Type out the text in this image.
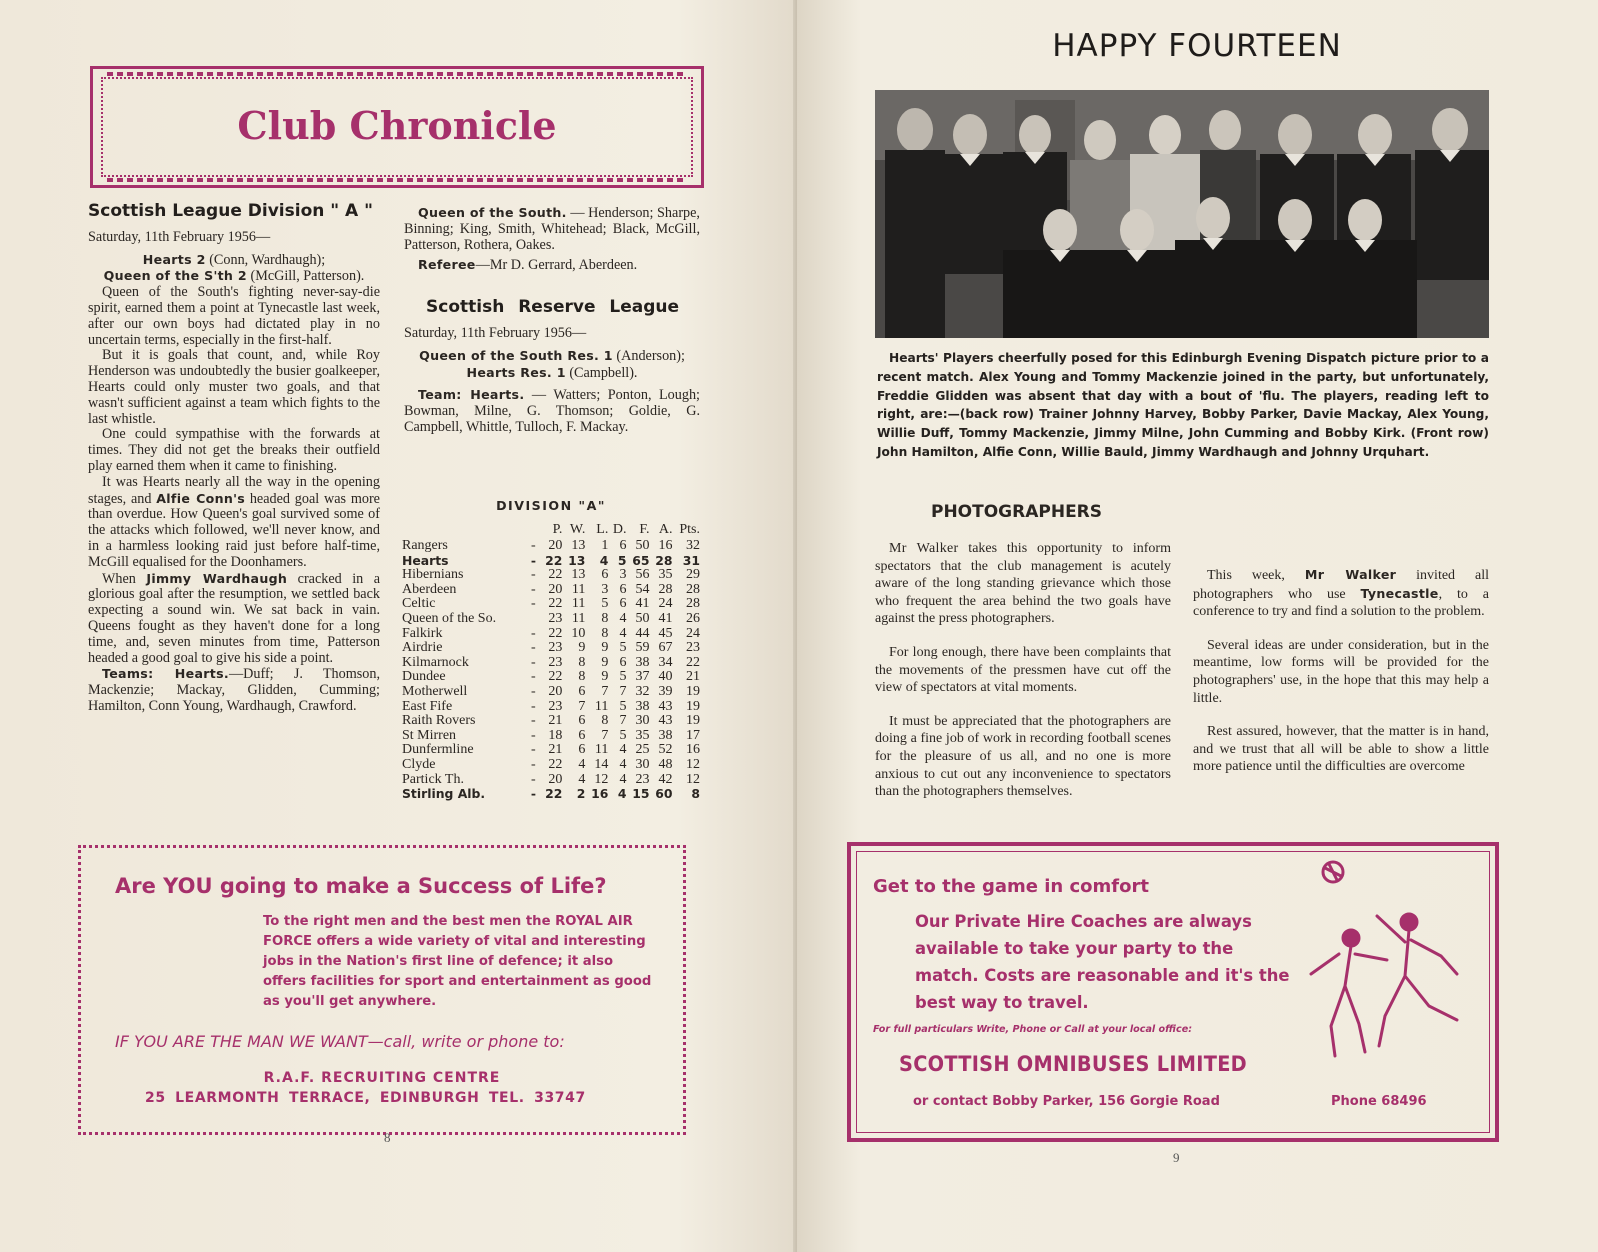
Club Chronicle
Scottish League Division " A "

Saturday, 11th February 1956—

Hearts 2 (Conn, Wardhaugh);

Queen of the S'th 2 (McGill, Patterson).

Queen of the South's fighting never-say-die spirit, earned them a point at Tynecastle last week, after our own boys had dictated play in no uncertain terms, especially in the first-half.

But it is goals that count, and, while Roy Henderson was undoubtedly the busier goalkeeper, Hearts could only muster two goals, and that wasn't sufficient against a team which fights to the last whistle.

One could sympathise with the forwards at times. They did not get the breaks their outfield play earned them when it came to finishing.

It was Hearts nearly all the way in the opening stages, and Alfie Conn's headed goal was more than overdue. How Queen's goal survived some of the attacks which followed, we'll never know, and in a harmless looking raid just before half-time, McGill equalised for the Doonhamers.

When Jimmy Wardhaugh cracked in a glorious goal after the resumption, we settled back expecting a sound win. We sat back in vain. Queens fought as they haven't done for a long time, and, seven minutes from time, Patterson headed a good goal to give his side a point.

Teams: Hearts.—Duff; J. Thomson, Mackenzie; Mackay, Glidden, Cumming; Hamilton, Conn Young, Wardhaugh, Crawford.

Queen of the South. — Henderson; Sharpe, Binning; King, Smith, Whitehead; Black, McGill, Patterson, Rothera, Oakes.

Referee—Mr D. Gerrard, Aberdeen.

Scottish Reserve League

Saturday, 11th February 1956—

Queen of the South Res. 1 (Anderson);

Hearts Res. 1 (Campbell).

Team: Hearts. — Watters; Ponton, Lough; Bowman, Milne, G. Thomson; Goldie, G. Campbell, Whittle, Tulloch, F. Mackay.

DIVISION "A"
		P.	W.	L.	D.	F.	A.	Pts.
Rangers	-	20	13	1	6	50	16	32
Hearts	-	22	13	4	5	65	28	31
Hibernians	-	22	13	6	3	56	35	29
Aberdeen	-	20	11	3	6	54	28	28
Celtic	-	22	11	5	6	41	24	28
Queen of the So.		23	11	8	4	50	41	26
Falkirk	-	22	10	8	4	44	45	24
Airdrie	-	23	9	9	5	59	67	23
Kilmarnock	-	23	8	9	6	38	34	22
Dundee	-	22	8	9	5	37	40	21
Motherwell	-	20	6	7	7	32	39	19
East Fife	-	23	7	11	5	38	43	19
Raith Rovers	-	21	6	8	7	30	43	19
St Mirren	-	18	6	7	5	35	38	17
Dunfermline	-	21	6	11	4	25	52	16
Clyde	-	22	4	14	4	30	48	12
Partick Th.	-	20	4	12	4	23	42	12
Stirling Alb.	-	22	2	16	4	15	60	8
Are YOU going to make a Success of Life?
To the right men and the best men the ROYAL AIR FORCE offers a wide variety of vital and interesting jobs in the Nation's first line of defence; it also offers facilities for sport and entertainment as good as you'll get anywhere.
IF YOU ARE THE MAN WE WANT—call, write or phone to:
R.A.F. RECRUITING CENTRE
25 LEARMONTH TERRACE, EDINBURGH TEL. 33747
8
HAPPY FOURTEEN

Hearts' Players cheerfully posed for this Edinburgh Evening Dispatch picture prior to a recent match. Alex Young and Tommy Mackenzie joined in the party, but unfortunately, Freddie Glidden was absent that day with a bout of 'flu. The players, reading left to right, are:—(back row) Trainer Johnny Harvey, Bobby Parker, Davie Mackay, Alex Young, Willie Duff, Tommy Mackenzie, Jimmy Milne, John Cumming and Bobby Kirk. (Front row) John Hamilton, Alfie Conn, Willie Bauld, Jimmy Wardhaugh and Johnny Urquhart.

PHOTOGRAPHERS

Mr Walker takes this opportunity to inform spectators that the club management is acutely aware of the long standing grievance which those who frequent the area behind the two goals have against the press photographers.

For long enough, there have been complaints that the movements of the pressmen have cut off the view of spectators at vital moments.

It must be appreciated that the photographers are doing a fine job of work in recording football scenes for the pleasure of us all, and no one is more anxious to cut out any inconvenience to spectators than the photographers themselves.

This week, Mr Walker invited all photographers who use Tynecastle, to a conference to try and find a solution to the problem.

Several ideas are under consideration, but in the meantime, low forms will be provided for the photographers' use, in the hope that this may help a little.

Rest assured, however, that the matter is in hand, and we trust that all will be able to show a little more patience until the difficulties are overcome

9
Get to the game in comfort
Our Private Hire Coaches are always available to take your party to the match. Costs are reasonable and it's the best way to travel.
For full particulars Write, Phone or Call at your local office:
SCOTTISH OMNIBUSES LIMITED
or contact Bobby Parker, 156 Gorgie Road	Phone 68496
